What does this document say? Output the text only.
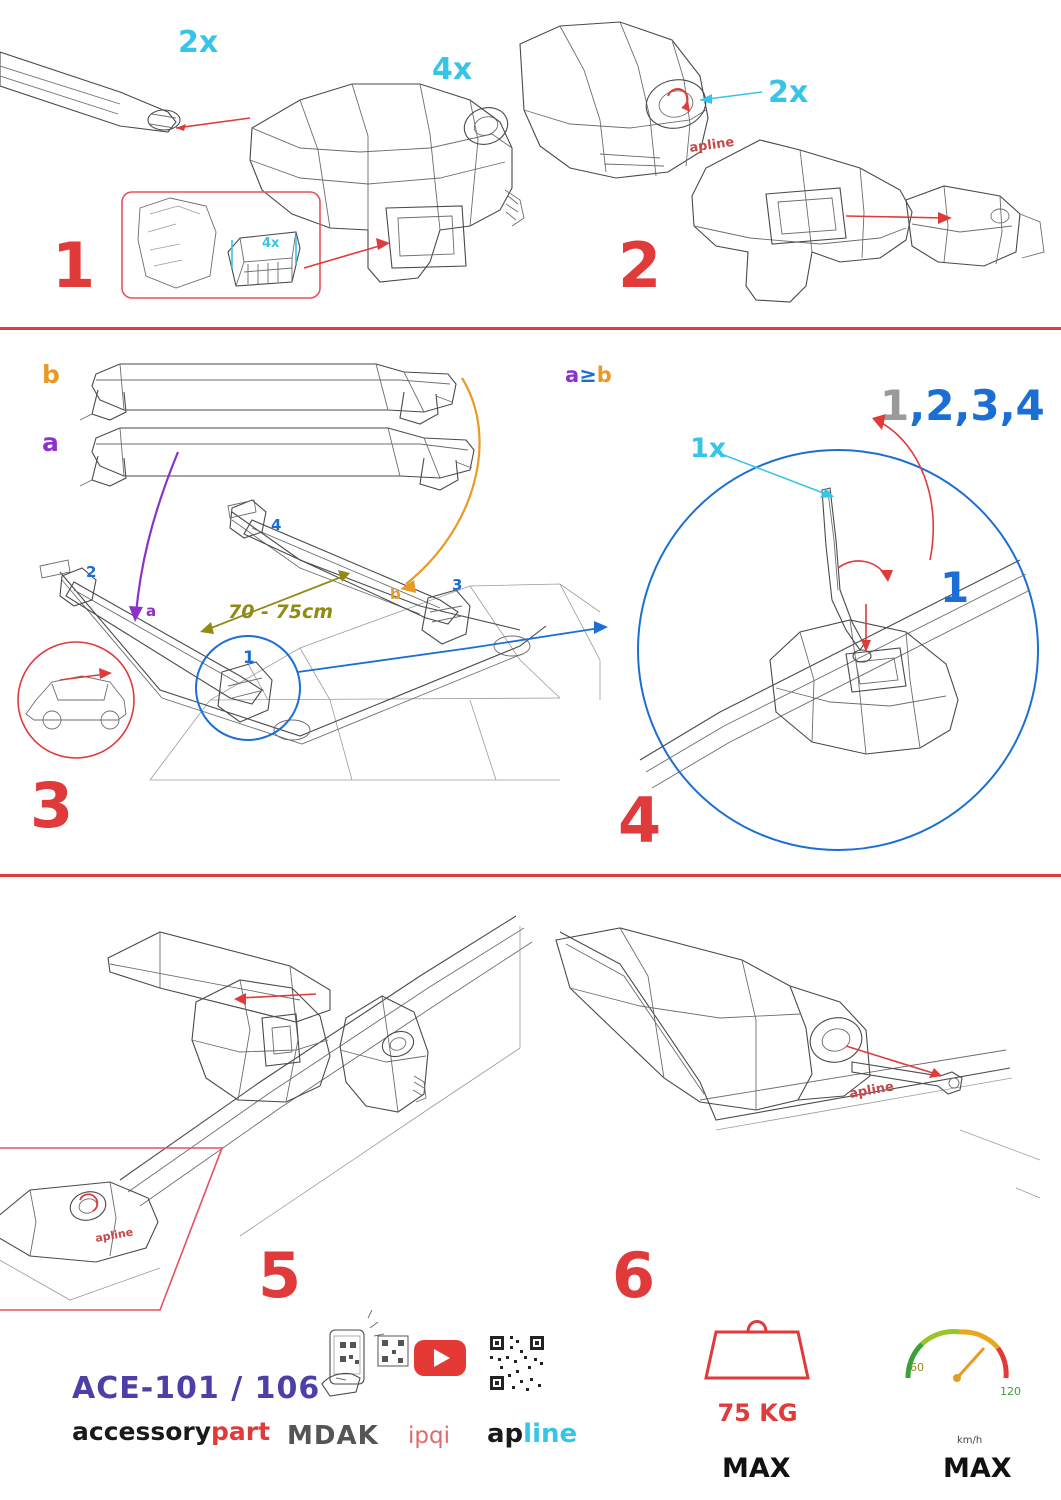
apline
apline
apline
1	2
3	4
5	6
2x
4x
4x
2x
1x
b
a
70 - 75cm
1
2
3
4
a
b
a≥b
1,2,3,4
1
ACE-101 / 106
accessorypart MDAK ipqi apline
75 KG
MAX	MAX
60
120
km/h
